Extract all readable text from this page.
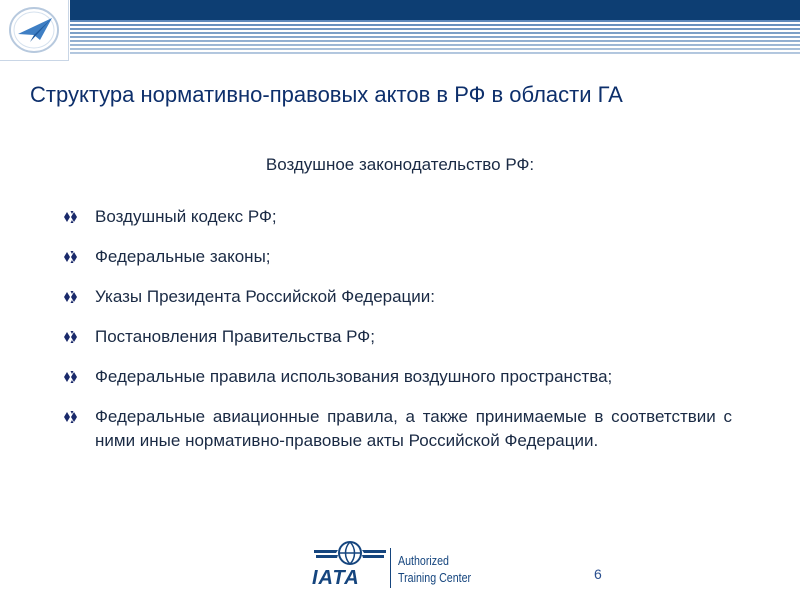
Структура нормативно-правовых актов в РФ в области ГА
Воздушное законодательство РФ:
Воздушный кодекс РФ;
Федеральные законы;
Указы Президента Российской Федерации:
Постановления Правительства РФ;
Федеральные правила использования воздушного пространства;
Федеральные авиационные правила, а также принимаемые в соответствии с ними иные нормативно-правовые акты Российской Федерации.
IATA
Authorized
Training Center	6
